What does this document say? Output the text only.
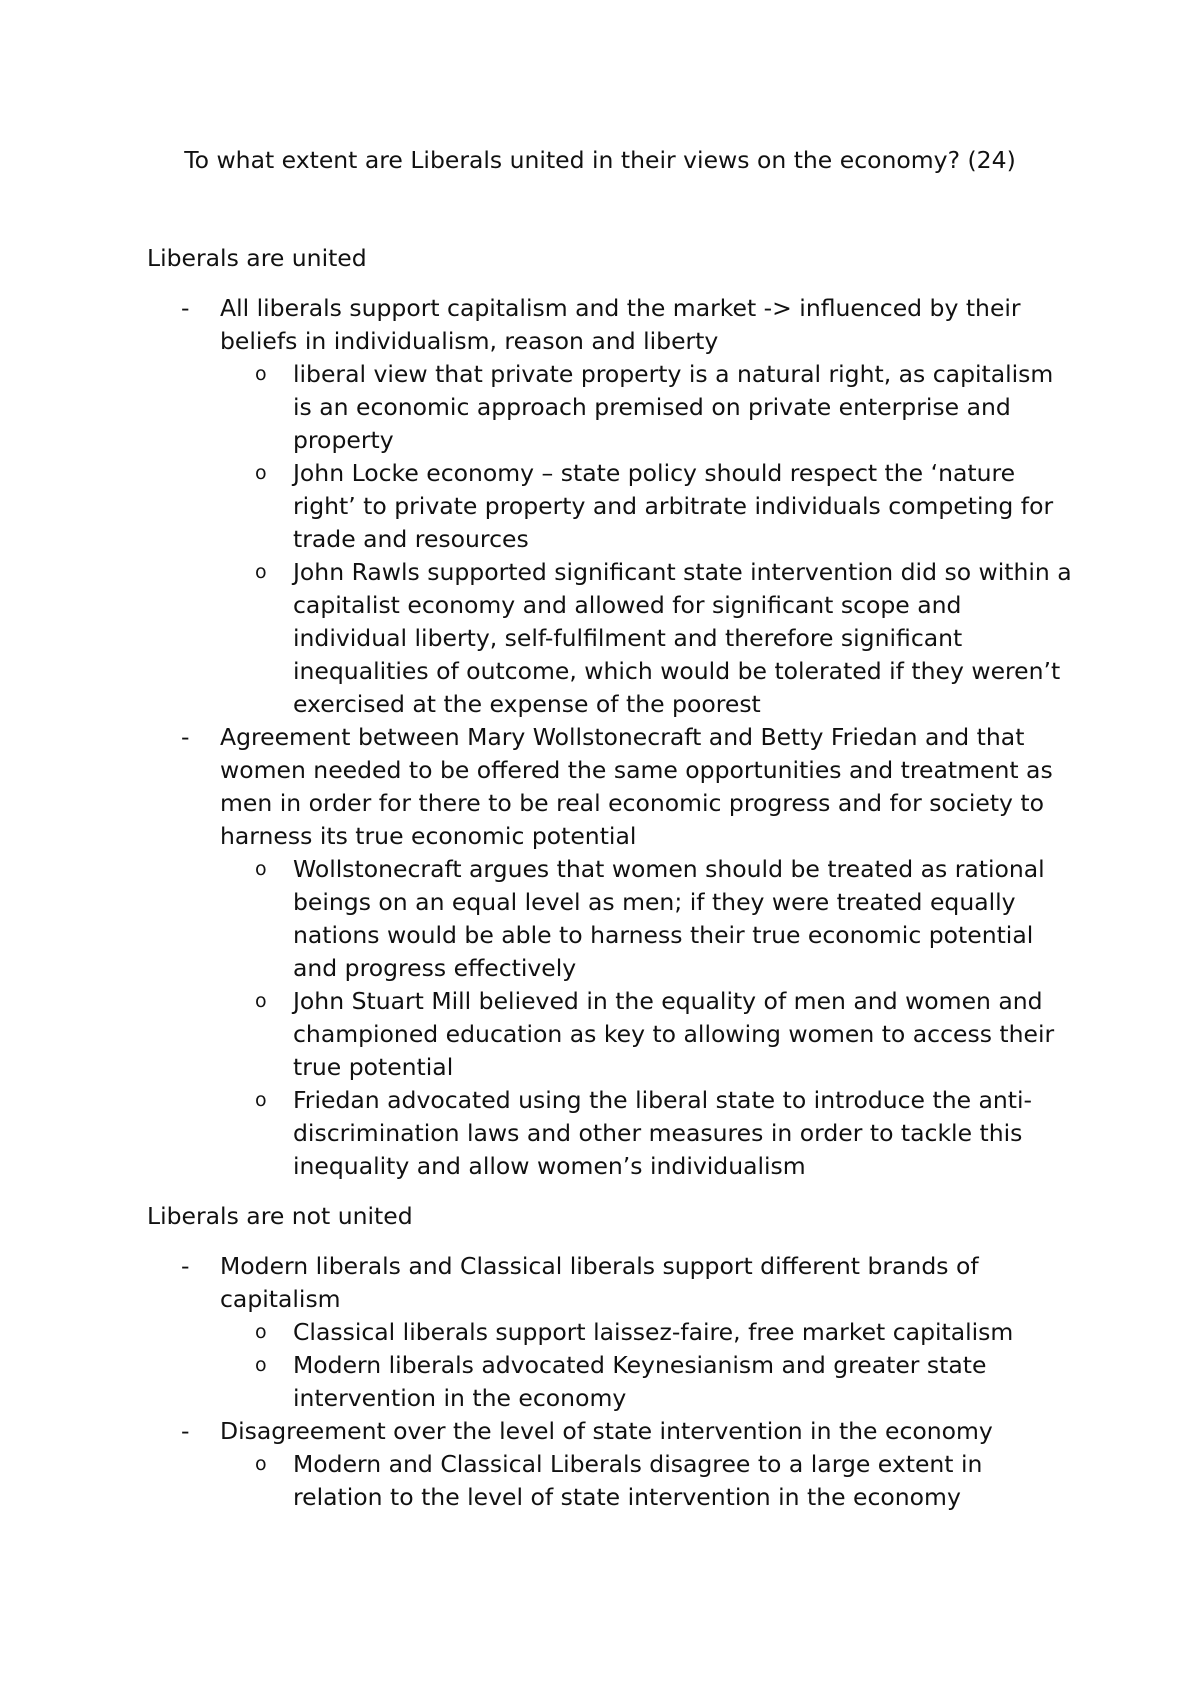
To what extent are Liberals united in their views on the economy? (24)
Liberals are united
- All liberals support capitalism and the market -> influenced by their beliefs in individualism, reason and liberty
o liberal view that private property is a natural right, as capitalism is an economic approach premised on private enterprise and property
o John Locke economy – state policy should respect the ‘nature right’ to private property and arbitrate individuals competing for trade and resources
o John Rawls supported significant state intervention did so within a capitalist economy and allowed for significant scope and individual liberty, self-fulfilment and therefore significant inequalities of outcome, which would be tolerated if they weren’t exercised at the expense of the poorest
- Agreement between Mary Wollstonecraft and Betty Friedan and that women needed to be offered the same opportunities and treatment as men in order for there to be real economic progress and for society to harness its true economic potential
o Wollstonecraft argues that women should be treated as rational beings on an equal level as men; if they were treated equally nations would be able to harness their true economic potential and progress effectively
o John Stuart Mill believed in the equality of men and women and championed education as key to allowing women to access their true potential
o Friedan advocated using the liberal state to introduce the anti-discrimination laws and other measures in order to tackle this inequality and allow women’s individualism
Liberals are not united
- Modern liberals and Classical liberals support different brands of capitalism
o Classical liberals support laissez-faire, free market capitalism
o Modern liberals advocated Keynesianism and greater state intervention in the economy
- Disagreement over the level of state intervention in the economy
o Modern and Classical Liberals disagree to a large extent in relation to the level of state intervention in the economy
